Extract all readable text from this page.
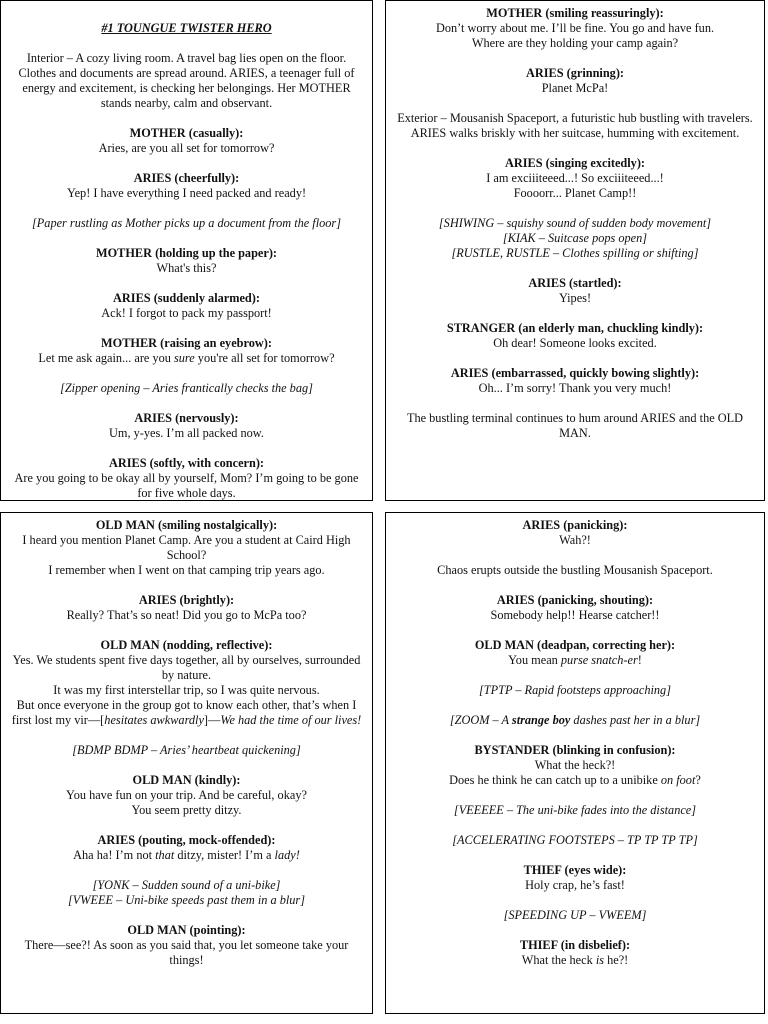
#1 TOUNGUE TWISTER HERO
Interior – A cozy living room. A travel bag lies open on the floor. Clothes and documents are spread around. ARIES, a teenager full of energy and excitement, is checking her belongings. Her MOTHER stands nearby, calm and observant.
MOTHER (casually):
Aries, are you all set for tomorrow?
ARIES (cheerfully):
Yep! I have everything I need packed and ready!
[Paper rustling as Mother picks up a document from the floor]
MOTHER (holding up the paper):
What's this?
ARIES (suddenly alarmed):
Ack! I forgot to pack my passport!
MOTHER (raising an eyebrow):
Let me ask again... are you sure you're all set for tomorrow?
[Zipper opening – Aries frantically checks the bag]
ARIES (nervously):
Um, y-yes. I’m all packed now.
ARIES (softly, with concern):
Are you going to be okay all by yourself, Mom? I’m going to be gone for five whole days.
MOTHER (smiling reassuringly):
Don’t worry about me. I’ll be fine. You go and have fun.
Where are they holding your camp again?
ARIES (grinning):
Planet McPa!
Exterior – Mousanish Spaceport, a futuristic hub bustling with travelers. ARIES walks briskly with her suitcase, humming with excitement.
ARIES (singing excitedly):
I am exciiiteeed...! So exciiiteeed...!
Foooorr... Planet Camp!!
[SHIWING – squishy sound of sudden body movement]
[KIAK – Suitcase pops open]
[RUSTLE, RUSTLE – Clothes spilling or shifting]
ARIES (startled):
Yipes!
STRANGER (an elderly man, chuckling kindly):
Oh dear! Someone looks excited.
ARIES (embarrassed, quickly bowing slightly):
Oh... I’m sorry! Thank you very much!
The bustling terminal continues to hum around ARIES and the OLD MAN.
OLD MAN (smiling nostalgically):
I heard you mention Planet Camp. Are you a student at Caird High School?
I remember when I went on that camping trip years ago.
ARIES (brightly):
Really? That’s so neat! Did you go to McPa too?
OLD MAN (nodding, reflective):
Yes. We students spent five days together, all by ourselves, surrounded by nature.
It was my first interstellar trip, so I was quite nervous.
But once everyone in the group got to know each other, that’s when I first lost my vir—[hesitates awkwardly]—We had the time of our lives!
[BDMP BDMP – Aries’ heartbeat quickening]
OLD MAN (kindly):
You have fun on your trip. And be careful, okay?
You seem pretty ditzy.
ARIES (pouting, mock-offended):
Aha ha! I’m not that ditzy, mister! I’m a lady!
[YONK – Sudden sound of a uni-bike]
[VWEEE – Uni-bike speeds past them in a blur]
OLD MAN (pointing):
There—see?! As soon as you said that, you let someone take your things!
ARIES (panicking):
Wah?!
Chaos erupts outside the bustling Mousanish Spaceport.
ARIES (panicking, shouting):
Somebody help!! Hearse catcher!!
OLD MAN (deadpan, correcting her):
You mean purse snatch-er!
[TPTP – Rapid footsteps approaching]
[ZOOM – A strange boy dashes past her in a blur]
BYSTANDER (blinking in confusion):
What the heck?!
Does he think he can catch up to a unibike on foot?
[VEEEEE – The uni-bike fades into the distance]
[ACCELERATING FOOTSTEPS – TP TP TP TP]
THIEF (eyes wide):
Holy crap, he’s fast!
[SPEEDING UP – VWEEM]
THIEF (in disbelief):
What the heck is he?!
